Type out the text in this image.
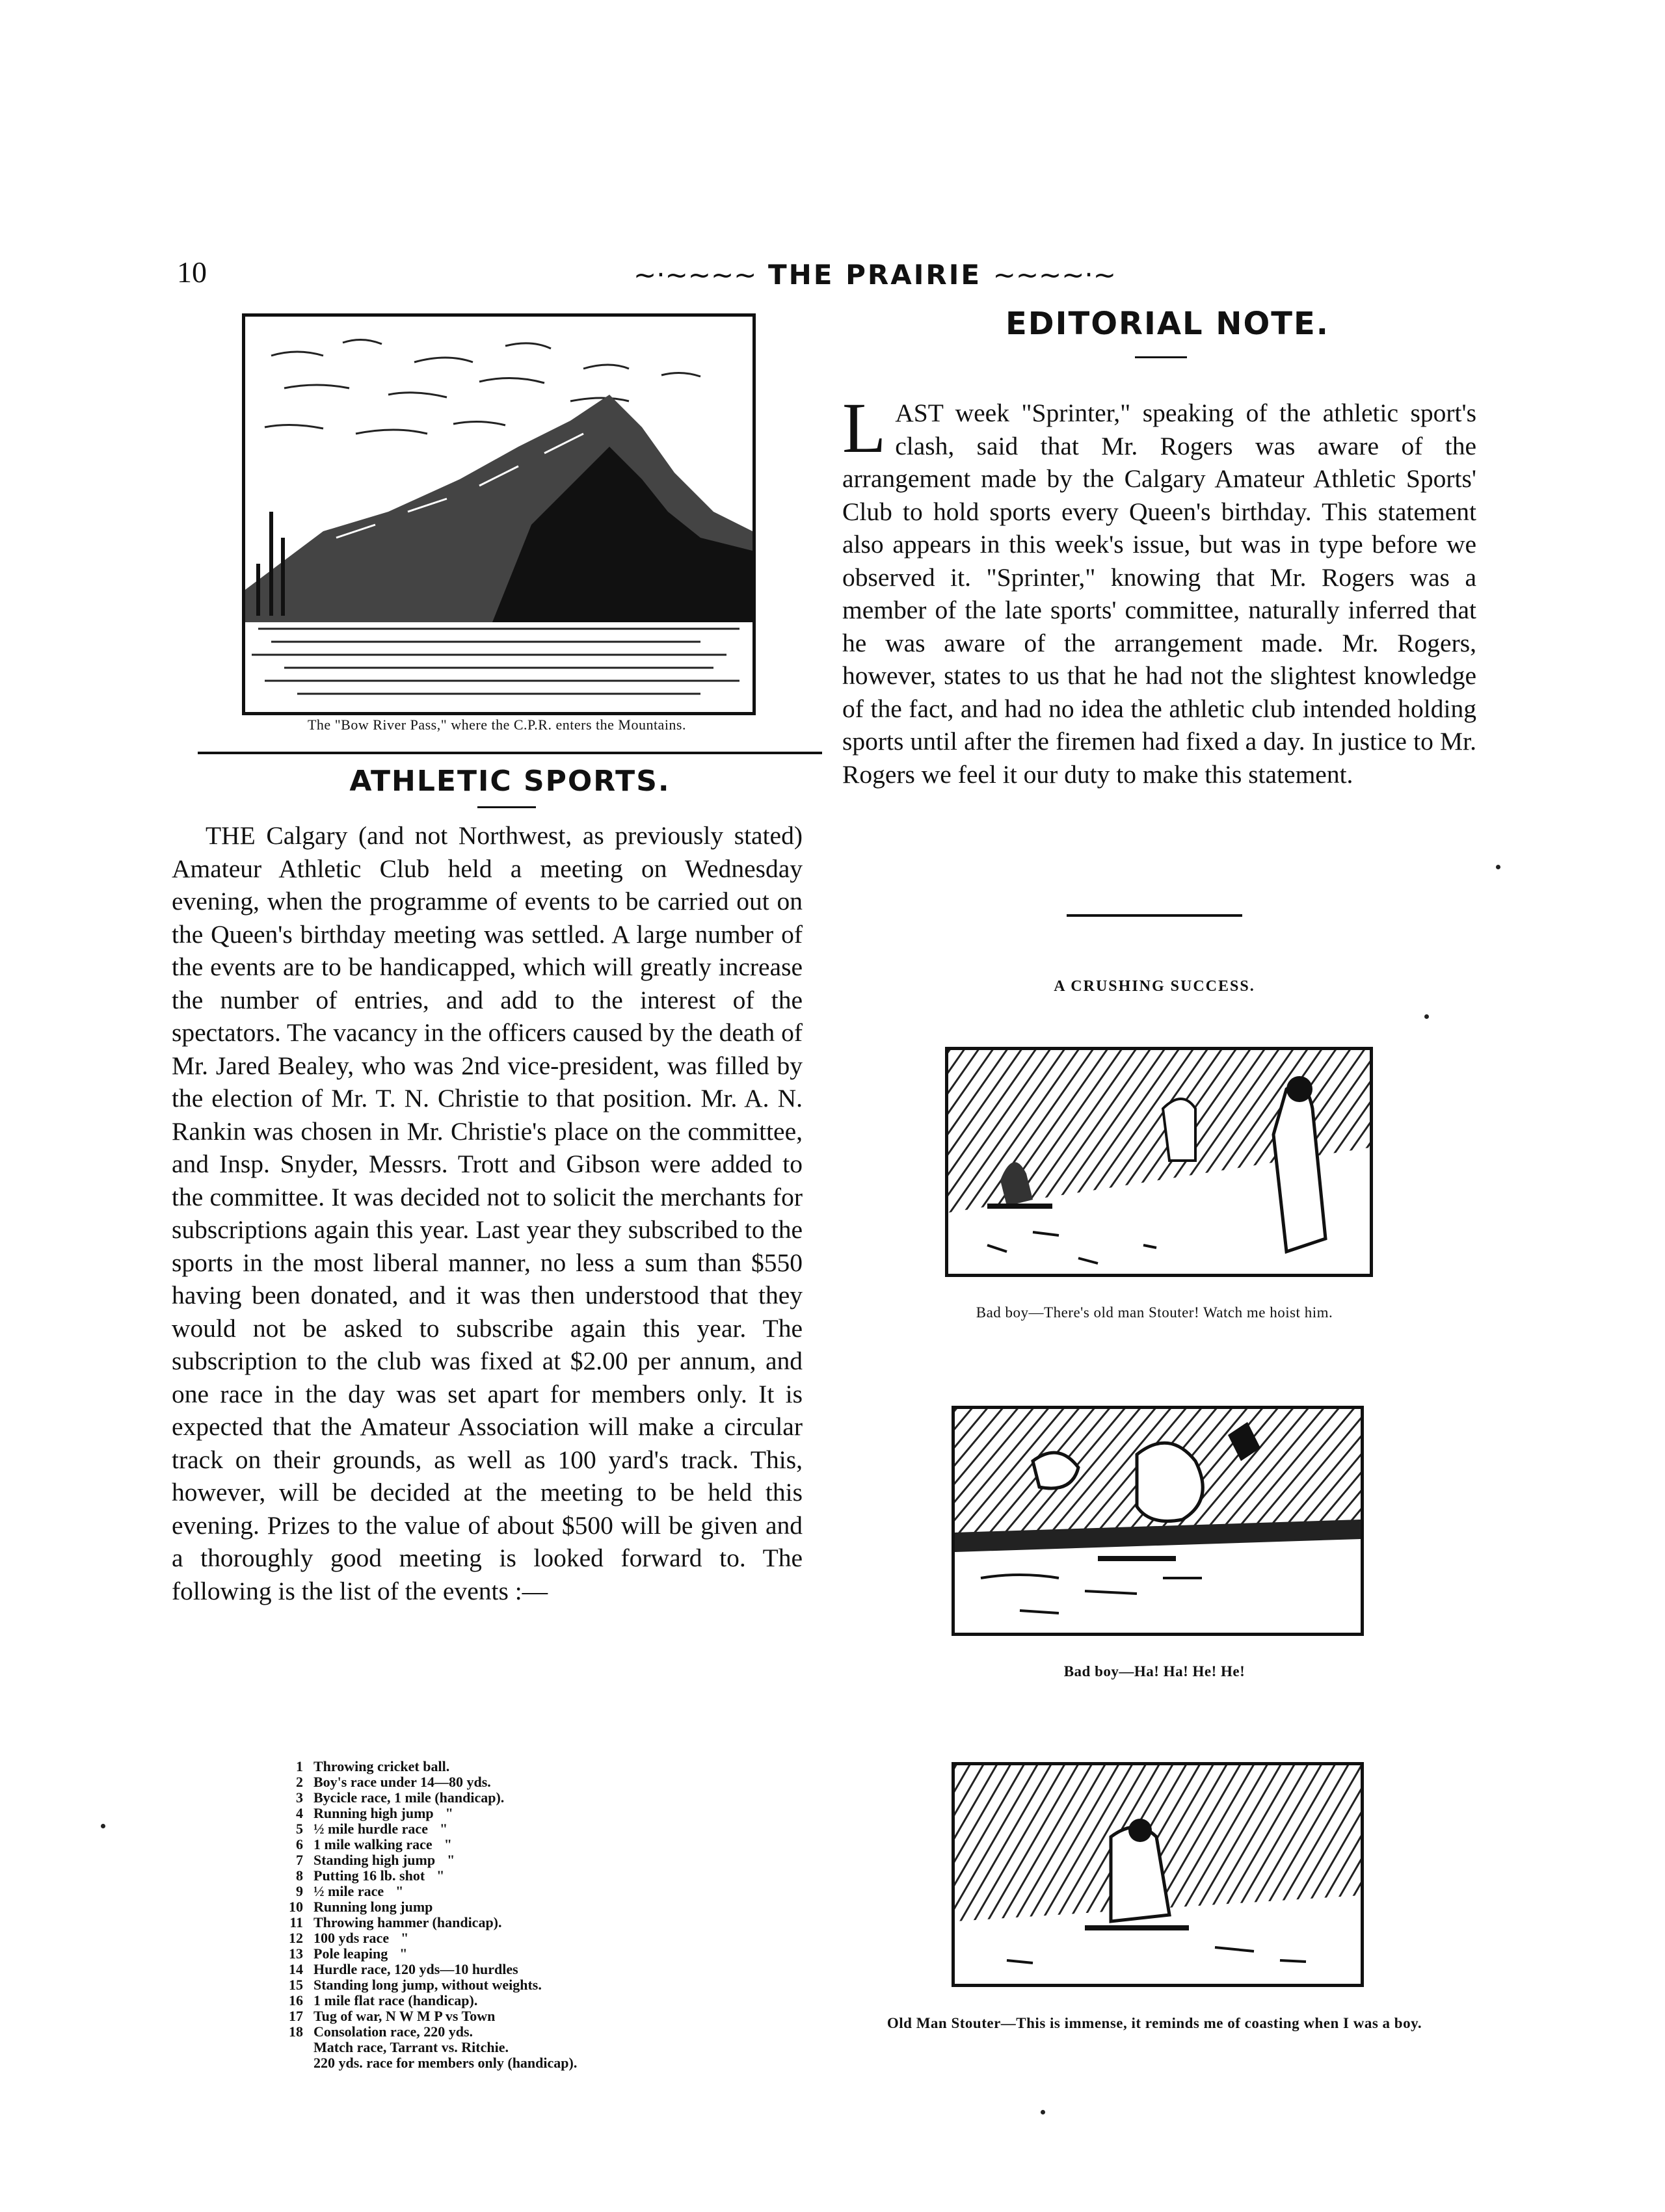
10	~·~~~~ THE PRAIRIE ~~~~·~
The "Bow River Pass," where the C.P.R. enters the Mountains.
ATHLETIC SPORTS.
THE Calgary (and not Northwest, as previously stated) Amateur Athletic Club held a meeting on Wednesday evening, when the programme of events to be carried out on the Queen's birthday meeting was settled. A large number of the events are to be handicapped, which will greatly increase the number of entries, and add to the interest of the spectators. The vacancy in the officers caused by the death of Mr. Jared Bealey, who was 2nd vice-president, was filled by the election of Mr. T. N. Christie to that position. Mr. A. N. Rankin was chosen in Mr. Christie's place on the committee, and Insp. Snyder, Messrs. Trott and Gibson were added to the committee. It was decided not to solicit the merchants for subscriptions again this year. Last year they subscribed to the sports in the most liberal manner, no less a sum than $550 having been donated, and it was then understood that they would not be asked to subscribe again this year. The subscription to the club was fixed at $2.00 per annum, and one race in the day was set apart for members only. It is expected that the Amateur Association will make a circular track on their grounds, as well as 100 yard's track. This, however, will be decided at the meeting to be held this evening. Prizes to the value of about $500 will be given and a thoroughly good meeting is looked forward to. The following is the list of the events :—
1 Throwing cricket ball.
2 Boy's race under 14—80 yds.
3 Bycicle race, 1 mile (handicap).
4 Running high jump "
5 ½ mile hurdle race "
6 1 mile walking race "
7 Standing high jump "
8 Putting 16 lb. shot "
9 ½ mile race "
10 Running long jump
11 Throwing hammer (handicap).
12 100 yds race "
13 Pole leaping "
14 Hurdle race, 120 yds—10 hurdles
15 Standing long jump, without weights.
16 1 mile flat race (handicap).
17 Tug of war, N W M P vs Town
18 Consolation race, 220 yds.
Match race, Tarrant vs. Ritchie.
220 yds. race for members only (handicap).
EDITORIAL NOTE.
LAST week "Sprinter," speaking of the athletic sport's clash, said that Mr. Rogers was aware of the arrangement made by the Calgary Amateur Athletic Sports' Club to hold sports every Queen's birthday. This statement also appears in this week's issue, but was in type before we observed it. "Sprinter," knowing that Mr. Rogers was a member of the late sports' committee, naturally inferred that he was aware of the arrangement made. Mr. Rogers, however, states to us that he had not the slightest knowledge of the fact, and had no idea the athletic club intended holding sports until after the firemen had fixed a day. In justice to Mr. Rogers we feel it our duty to make this statement.
A CRUSHING SUCCESS.
Bad boy—There's old man Stouter! Watch me hoist him.
Bad boy—Ha! Ha! He! He!
Old Man Stouter—This is immense, it reminds me of coasting when I was a boy.
